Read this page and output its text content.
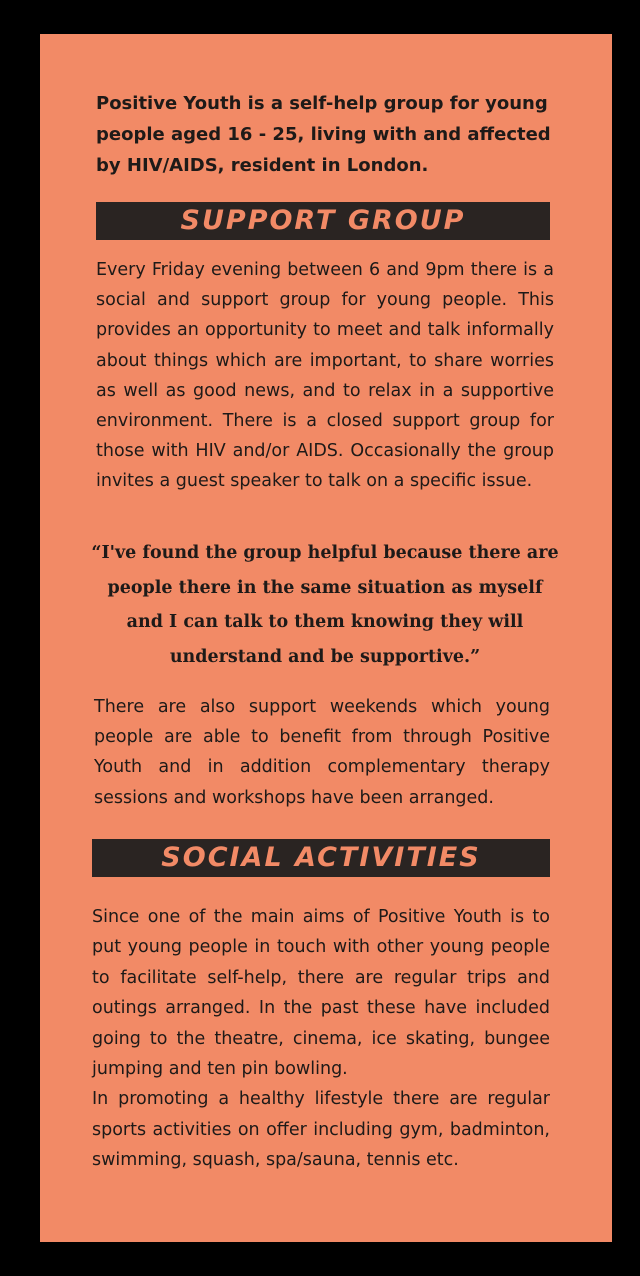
Positive Youth is a self-help group for young people aged 16 - 25, living with and affected by HIV/AIDS, resident in London.

SUPPORT GROUP

Every Friday evening between 6 and 9pm there is a social and support group for young people. This provides an opportunity to meet and talk informally about things which are important, to share worries as well as good news, and to relax in a supportive environment. There is a closed support group for those with HIV and/or AIDS. Occasionally the group invites a guest speaker to talk on a specific issue.

“I've found the group helpful because there are people there in the same situation as myself and I can talk to them knowing they will understand and be supportive.”

There are also support weekends which young people are able to benefit from through Positive Youth and in addition complementary therapy sessions and workshops have been arranged.

SOCIAL ACTIVITIES
Since one of the main aims of Positive Youth is to put young people in touch with other young people to facilitate self-help, there are regular trips and outings arranged. In the past these have included going to the theatre, cinema, ice skating, bungee jumping and ten pin bowling.
In promoting a healthy lifestyle there are regular sports activities on offer including gym, badminton, swimming, squash, spa/sauna, tennis etc.
